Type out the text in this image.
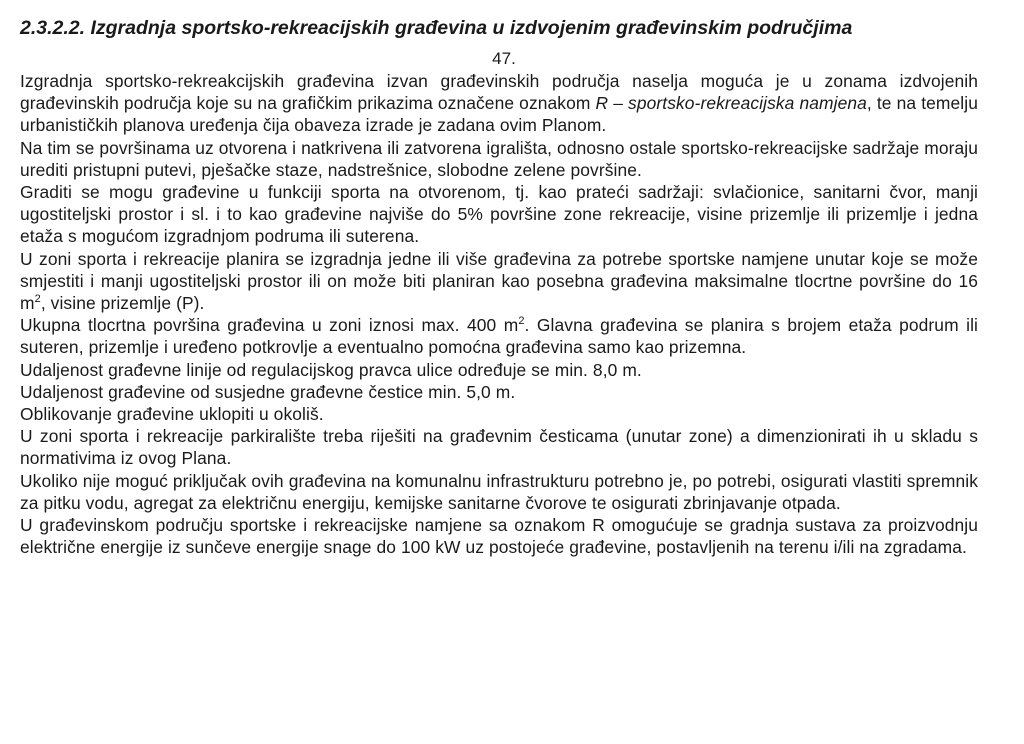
2.3.2.2. Izgradnja sportsko-rekreacijskih građevina u izdvojenim građevinskim područjima
47.

Izgradnja sportsko-rekreakcijskih građevina izvan građevinskih područja naselja moguća je u zonama izdvojenih građevinskih područja koje su na grafičkim prikazima označene oznakom R – sportsko-rekreacijska namjena, te na temelju urbanističkih planova uređenja čija obaveza izrade je zadana ovim Planom.

Na tim se površinama uz otvorena i natkrivena ili zatvorena igrališta, odnosno ostale sportsko-rekreacijske sadržaje moraju urediti pristupni putevi, pješačke staze, nadstrešnice, slobodne zelene površine.

Graditi se mogu građevine u funkciji sporta na otvorenom, tj. kao prateći sadržaji: svlačionice, sanitarni čvor, manji ugostiteljski prostor i sl. i to kao građevine najviše do 5% površine zone rekreacije, visine prizemlje ili prizemlje i jedna etaža s mogućom izgradnjom podruma ili suterena.

U zoni sporta i rekreacije planira se izgradnja jedne ili više građevina za potrebe sportske namjene unutar koje se može smjestiti i manji ugostiteljski prostor ili on može biti planiran kao posebna građevina maksimalne tlocrtne površine do 16 $m^2$, visine prizemlje (P).

Ukupna tlocrtna površina građevina u zoni iznosi max. 400 $m^2$. Glavna građevina se planira s brojem etaža podrum ili suteren, prizemlje i uređeno potkrovlje a eventualno pomoćna građevina samo kao prizemna.

Udaljenost građevne linije od regulacijskog pravca ulice određuje se min. 8,0 m.

Udaljenost građevine od susjedne građevne čestice min. 5,0 m.

Oblikovanje građevine uklopiti u okoliš.

U zoni sporta i rekreacije parkiralište treba riješiti na građevnim česticama (unutar zone) a dimenzionirati ih u skladu s normativima iz ovog Plana.

Ukoliko nije moguć priključak ovih građevina na komunalnu infrastrukturu potrebno je, po potrebi, osigurati vlastiti spremnik za pitku vodu, agregat za električnu energiju, kemijske sanitarne čvorove te osigurati zbrinjavanje otpada.

U građevinskom području sportske i rekreacijske namjene sa oznakom R omogućuje se gradnja sustava za proizvodnju električne energije iz sunčeve energije snage do 100 kW uz postojeće građevine, postavljenih na terenu i/ili na zgradama.
